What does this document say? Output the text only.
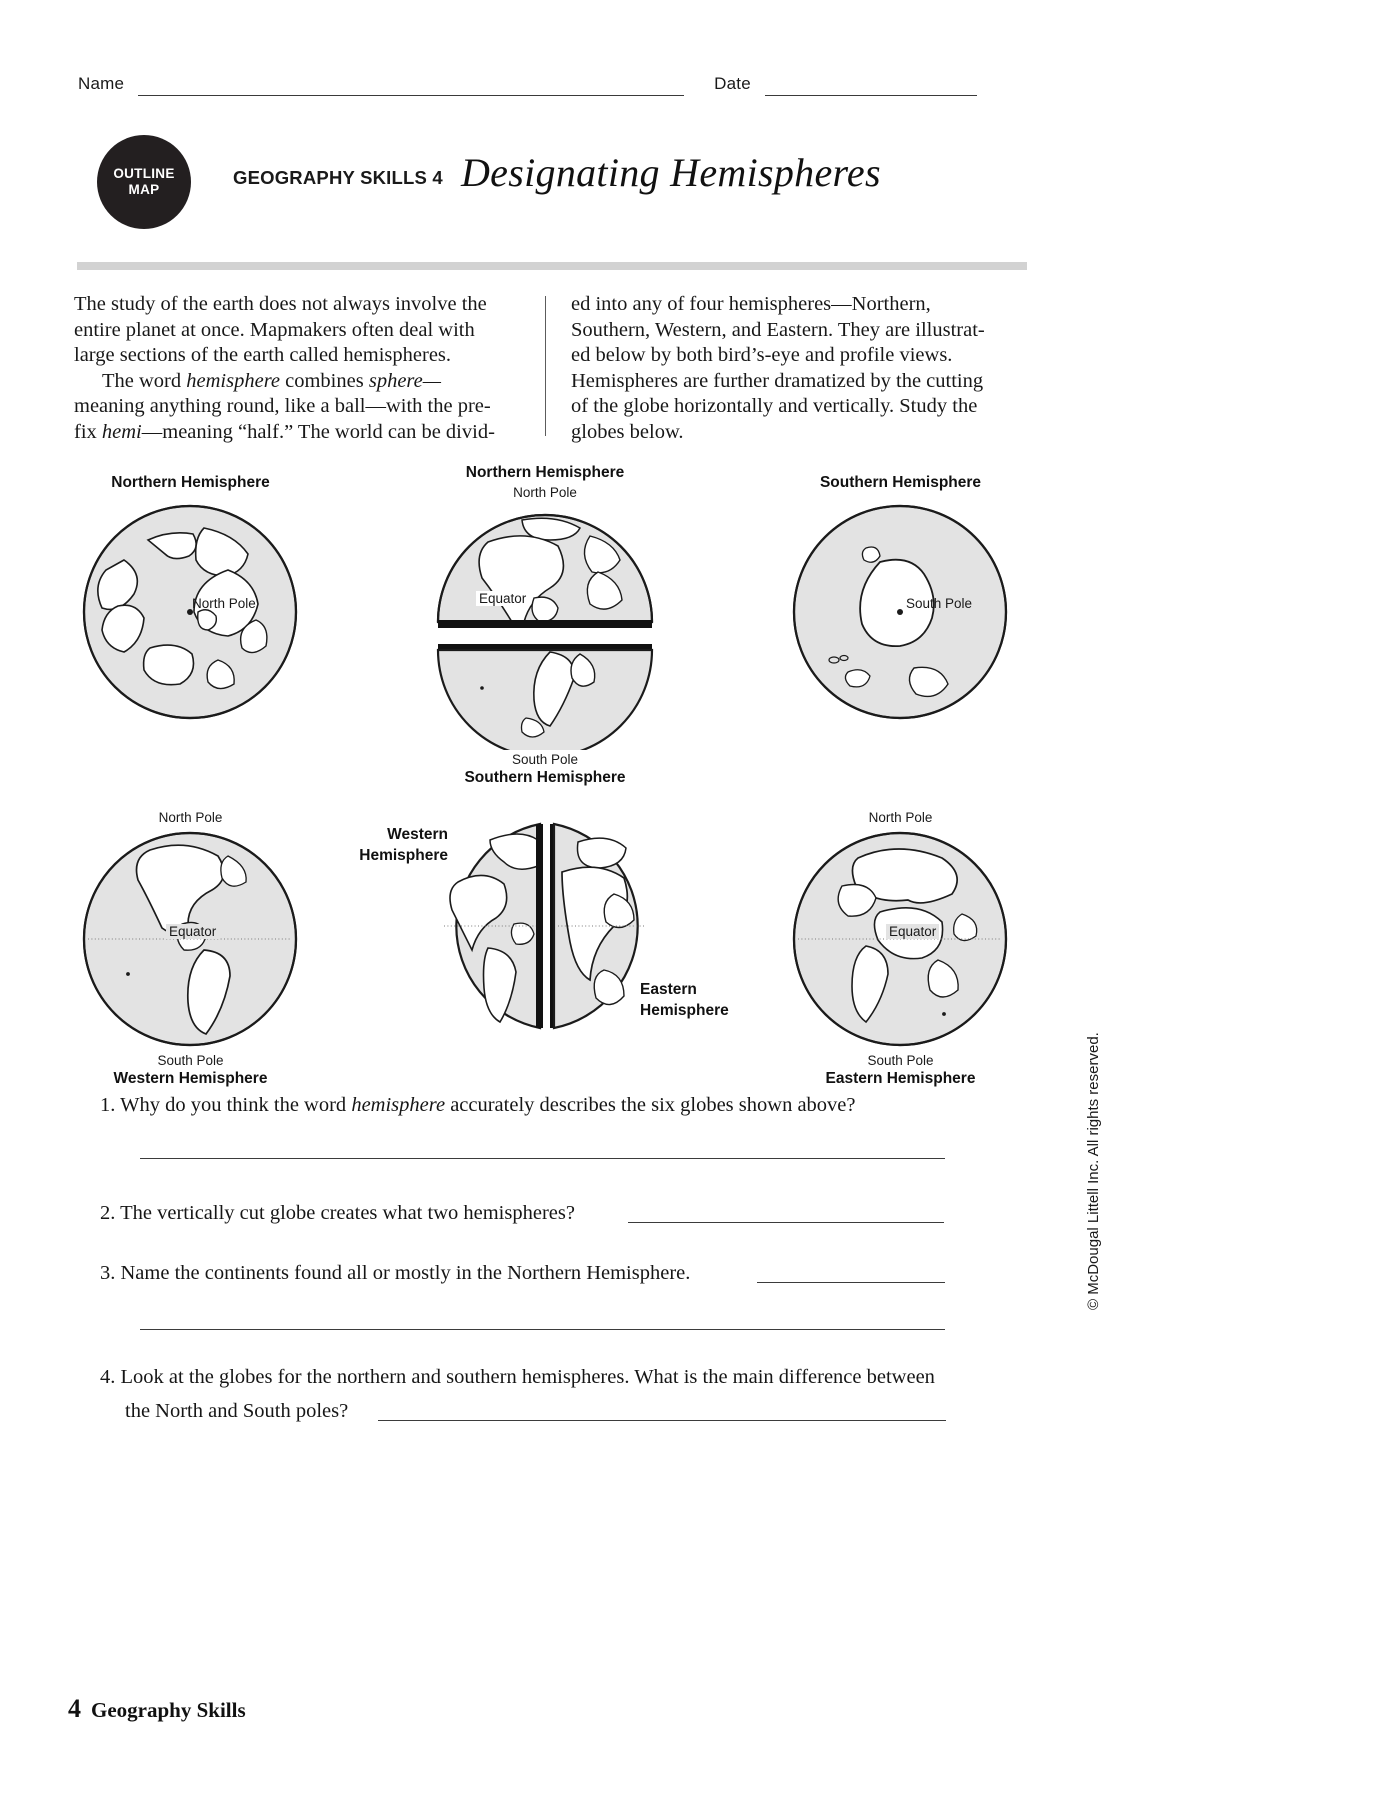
Name	Date
OUTLINE
MAP
GEOGRAPHY SKILLS 4 Designating Hemispheres

The study of the earth does not always involve the

entire planet at once. Mapmakers often deal with

large sections of the earth called hemispheres.

The word hemisphere combines sphere—

meaning anything round, like a ball—with the pre-

fix hemi—meaning “half.” The world can be divid-

ed into any of four hemispheres—Northern,

Southern, Western, and Eastern. They are illustrat-

ed below by both bird’s-eye and profile views.

Hemispheres are further dramatized by the cutting

of the globe horizontally and vertically. Study the

globes below.

Northern Hemisphere
North Pole
Northern Hemisphere
North Pole
South Pole
Southern Hemisphere
Equator
Southern Hemisphere
South Pole
North Pole
Equator
South Pole
Western Hemisphere
Western
Hemisphere
Eastern
Hemisphere
North Pole
Equator
South Pole
Eastern Hemisphere
1. Why do you think the word hemisphere accurately describes the six globes shown above?
2. The vertically cut globe creates what two hemispheres?
3. Name the continents found all or mostly in the Northern Hemisphere.
4. Look at the globes for the northern and southern hemispheres. What is the main difference between
the North and South poles?
© McDougal Littell Inc. All rights reserved.
4 Geography Skills
